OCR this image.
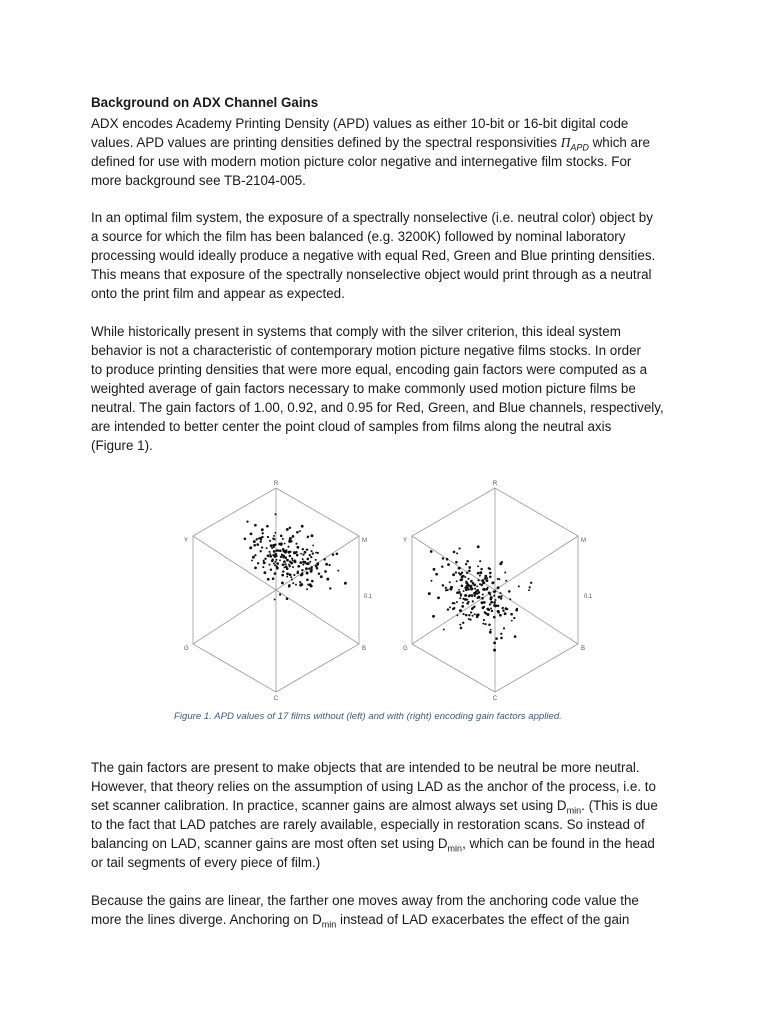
Background on ADX Channel Gains
ADX encodes Academy Printing Density (APD) values as either 10-bit or 16-bit digital code
values. APD values are printing densities defined by the spectral responsivities $\Pi_{APD}$ which are
defined for use with modern motion picture color negative and internegative film stocks. For
more background see TB-2104-005.
In an optimal film system, the exposure of a spectrally nonselective (i.e. neutral color) object by
a source for which the film has been balanced (e.g. 3200K) followed by nominal laboratory
processing would ideally produce a negative with equal Red, Green and Blue printing densities.
This means that exposure of the spectrally nonselective object would print through as a neutral
onto the print film and appear as expected.
While historically present in systems that comply with the silver criterion, this ideal system
behavior is not a characteristic of contemporary motion picture negative films stocks. In order
to produce printing densities that were more equal, encoding gain factors were computed as a
weighted average of gain factors necessary to make commonly used motion picture films be
neutral. The gain factors of 1.00, 0.92, and 0.95 for Red, Green, and Blue channels, respectively,
are intended to better center the point cloud of samples from films along the neutral axis
(Figure 1).
R
M
B
C
G
Y
0.1
R
M
B
C
G
Y
0.1
Figure 1. APD values of 17 films without (left) and with (right) encoding gain factors applied.
The gain factors are present to make objects that are intended to be neutral be more neutral.
However, that theory relies on the assumption of using LAD as the anchor of the process, i.e. to
set scanner calibration. In practice, scanner gains are almost always set using $D_{min}$. (This is due
to the fact that LAD patches are rarely available, especially in restoration scans. So instead of
balancing on LAD, scanner gains are most often set using $D_{min}$, which can be found in the head
or tail segments of every piece of film.)
Because the gains are linear, the farther one moves away from the anchoring code value the
more the lines diverge. Anchoring on $D_{min}$ instead of LAD exacerbates the effect of the gain
